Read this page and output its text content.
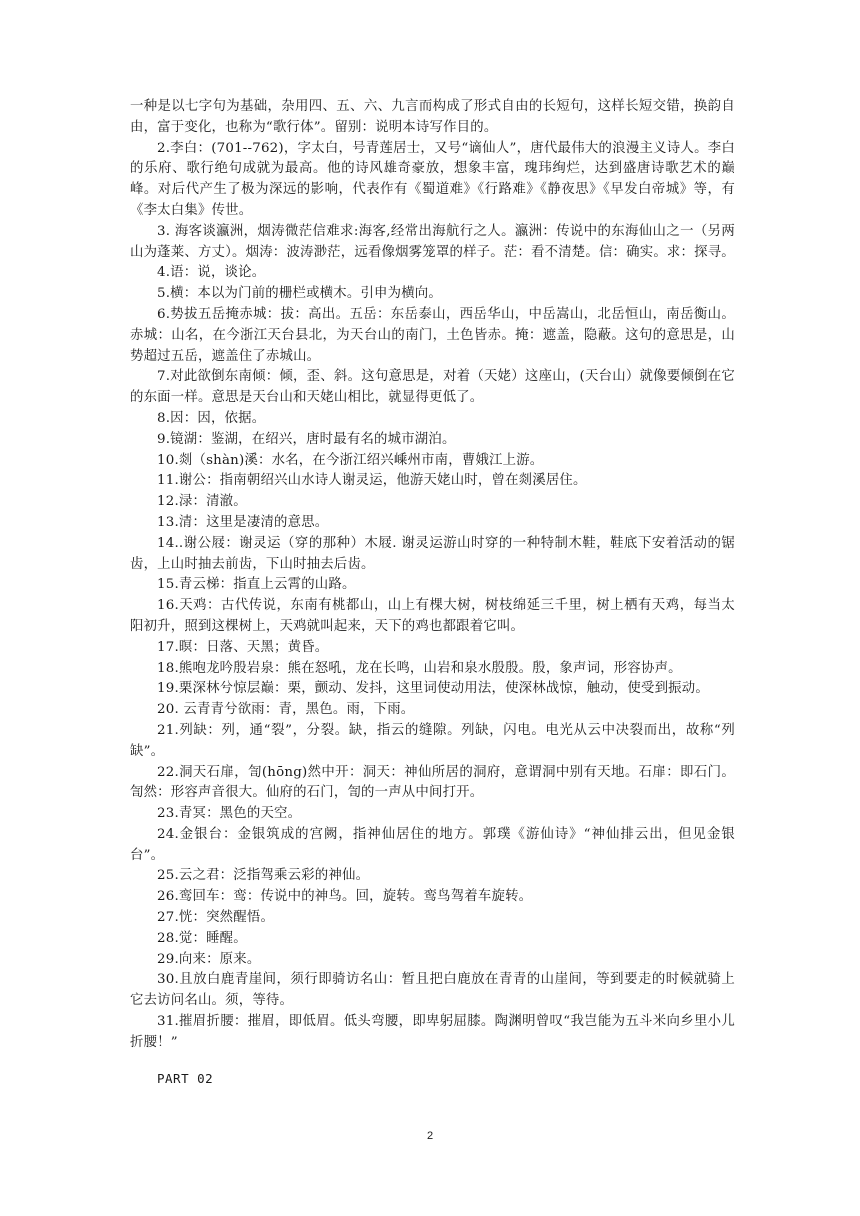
一种是以七字句为基础，杂用四、五、六、九言而构成了形式自由的长短句，这样长短交错，换韵自由，富于变化，也称为“歌行体”。留别：说明本诗写作目的。

2.李白：(701--762)，字太白，号青莲居士，又号“谪仙人”，唐代最伟大的浪漫主义诗人。李白的乐府、歌行绝句成就为最高。他的诗风雄奇豪放，想象丰富，瑰玮绚烂，达到盛唐诗歌艺术的巅峰。对后代产生了极为深远的影响，代表作有《蜀道难》《行路难》《静夜思》《早发白帝城》等，有《李太白集》传世。

3. 海客谈瀛洲，烟涛微茫信难求:海客,经常出海航行之人。瀛洲：传说中的东海仙山之一（另两山为蓬莱、方丈）。烟涛：波涛渺茫，远看像烟雾笼罩的样子。茫：看不清楚。信：确实。求：探寻。

4.语：说，谈论。

5.横：本以为门前的栅栏或横木。引申为横向。

6.势拔五岳掩赤城：拔：高出。五岳：东岳泰山，西岳华山，中岳嵩山，北岳恒山，南岳衡山。赤城：山名，在今浙江天台县北，为天台山的南门，土色皆赤。掩：遮盖，隐蔽。这句的意思是，山势超过五岳，遮盖住了赤城山。

7.对此欲倒东南倾：倾，歪、斜。这句意思是，对着（天姥）这座山，(天台山）就像要倾倒在它的东面一样。意思是天台山和天姥山相比，就显得更低了。

8.因：因，依据。

9.镜湖：鉴湖，在绍兴，唐时最有名的城市湖泊。

10.剡（shàn)溪：水名，在今浙江绍兴嵊州市南，曹娥江上游。

11.谢公：指南朝绍兴山水诗人谢灵运，他游天姥山时，曾在剡溪居住。

12.渌：清澈。

13.清：这里是凄清的意思。

14..谢公屐：谢灵运（穿的那种）木屐. 谢灵运游山时穿的一种特制木鞋，鞋底下安着活动的锯齿，上山时抽去前齿，下山时抽去后齿。

15.青云梯：指直上云霄的山路。

16.天鸡：古代传说，东南有桃都山，山上有棵大树，树枝绵延三千里，树上栖有天鸡，每当太阳初升，照到这棵树上，天鸡就叫起来，天下的鸡也都跟着它叫。

17.暝：日落、天黑；黄昏。

18.熊咆龙吟殷岩泉：熊在怒吼，龙在长鸣，山岩和泉水殷殷。殷，象声词，形容协声。

19.栗深林兮惊层巅：栗，颤动、发抖，这里词使动用法，使深林战惊，触动，使受到振动。

20. 云青青兮欲雨：青，黑色。雨，下雨。

21.列缺：列，通“裂”，分裂。缺，指云的缝隙。列缺，闪电。电光从云中决裂而出，故称“列缺”。

22.洞天石扉，訇(hōng)然中开：洞天：神仙所居的洞府，意谓洞中别有天地。石扉：即石门。訇然：形容声音很大。仙府的石门，訇的一声从中间打开。

23.青冥：黑色的天空。

24.金银台：金银筑成的宫阙，指神仙居住的地方。郭璞《游仙诗》“神仙排云出，但见金银台”。

25.云之君：泛指驾乘云彩的神仙。

26.鸾回车：鸾：传说中的神鸟。回，旋转。鸾鸟驾着车旋转。

27.恍：突然醒悟。

28.觉：睡醒。

29.向来：原来。

30.且放白鹿青崖间，须行即骑访名山：暂且把白鹿放在青青的山崖间，等到要走的时候就骑上它去访问名山。须，等待。

31.摧眉折腰：摧眉，即低眉。低头弯腰，即卑躬屈膝。陶渊明曾叹“我岂能为五斗米向乡里小儿折腰！”

PART 02
2
